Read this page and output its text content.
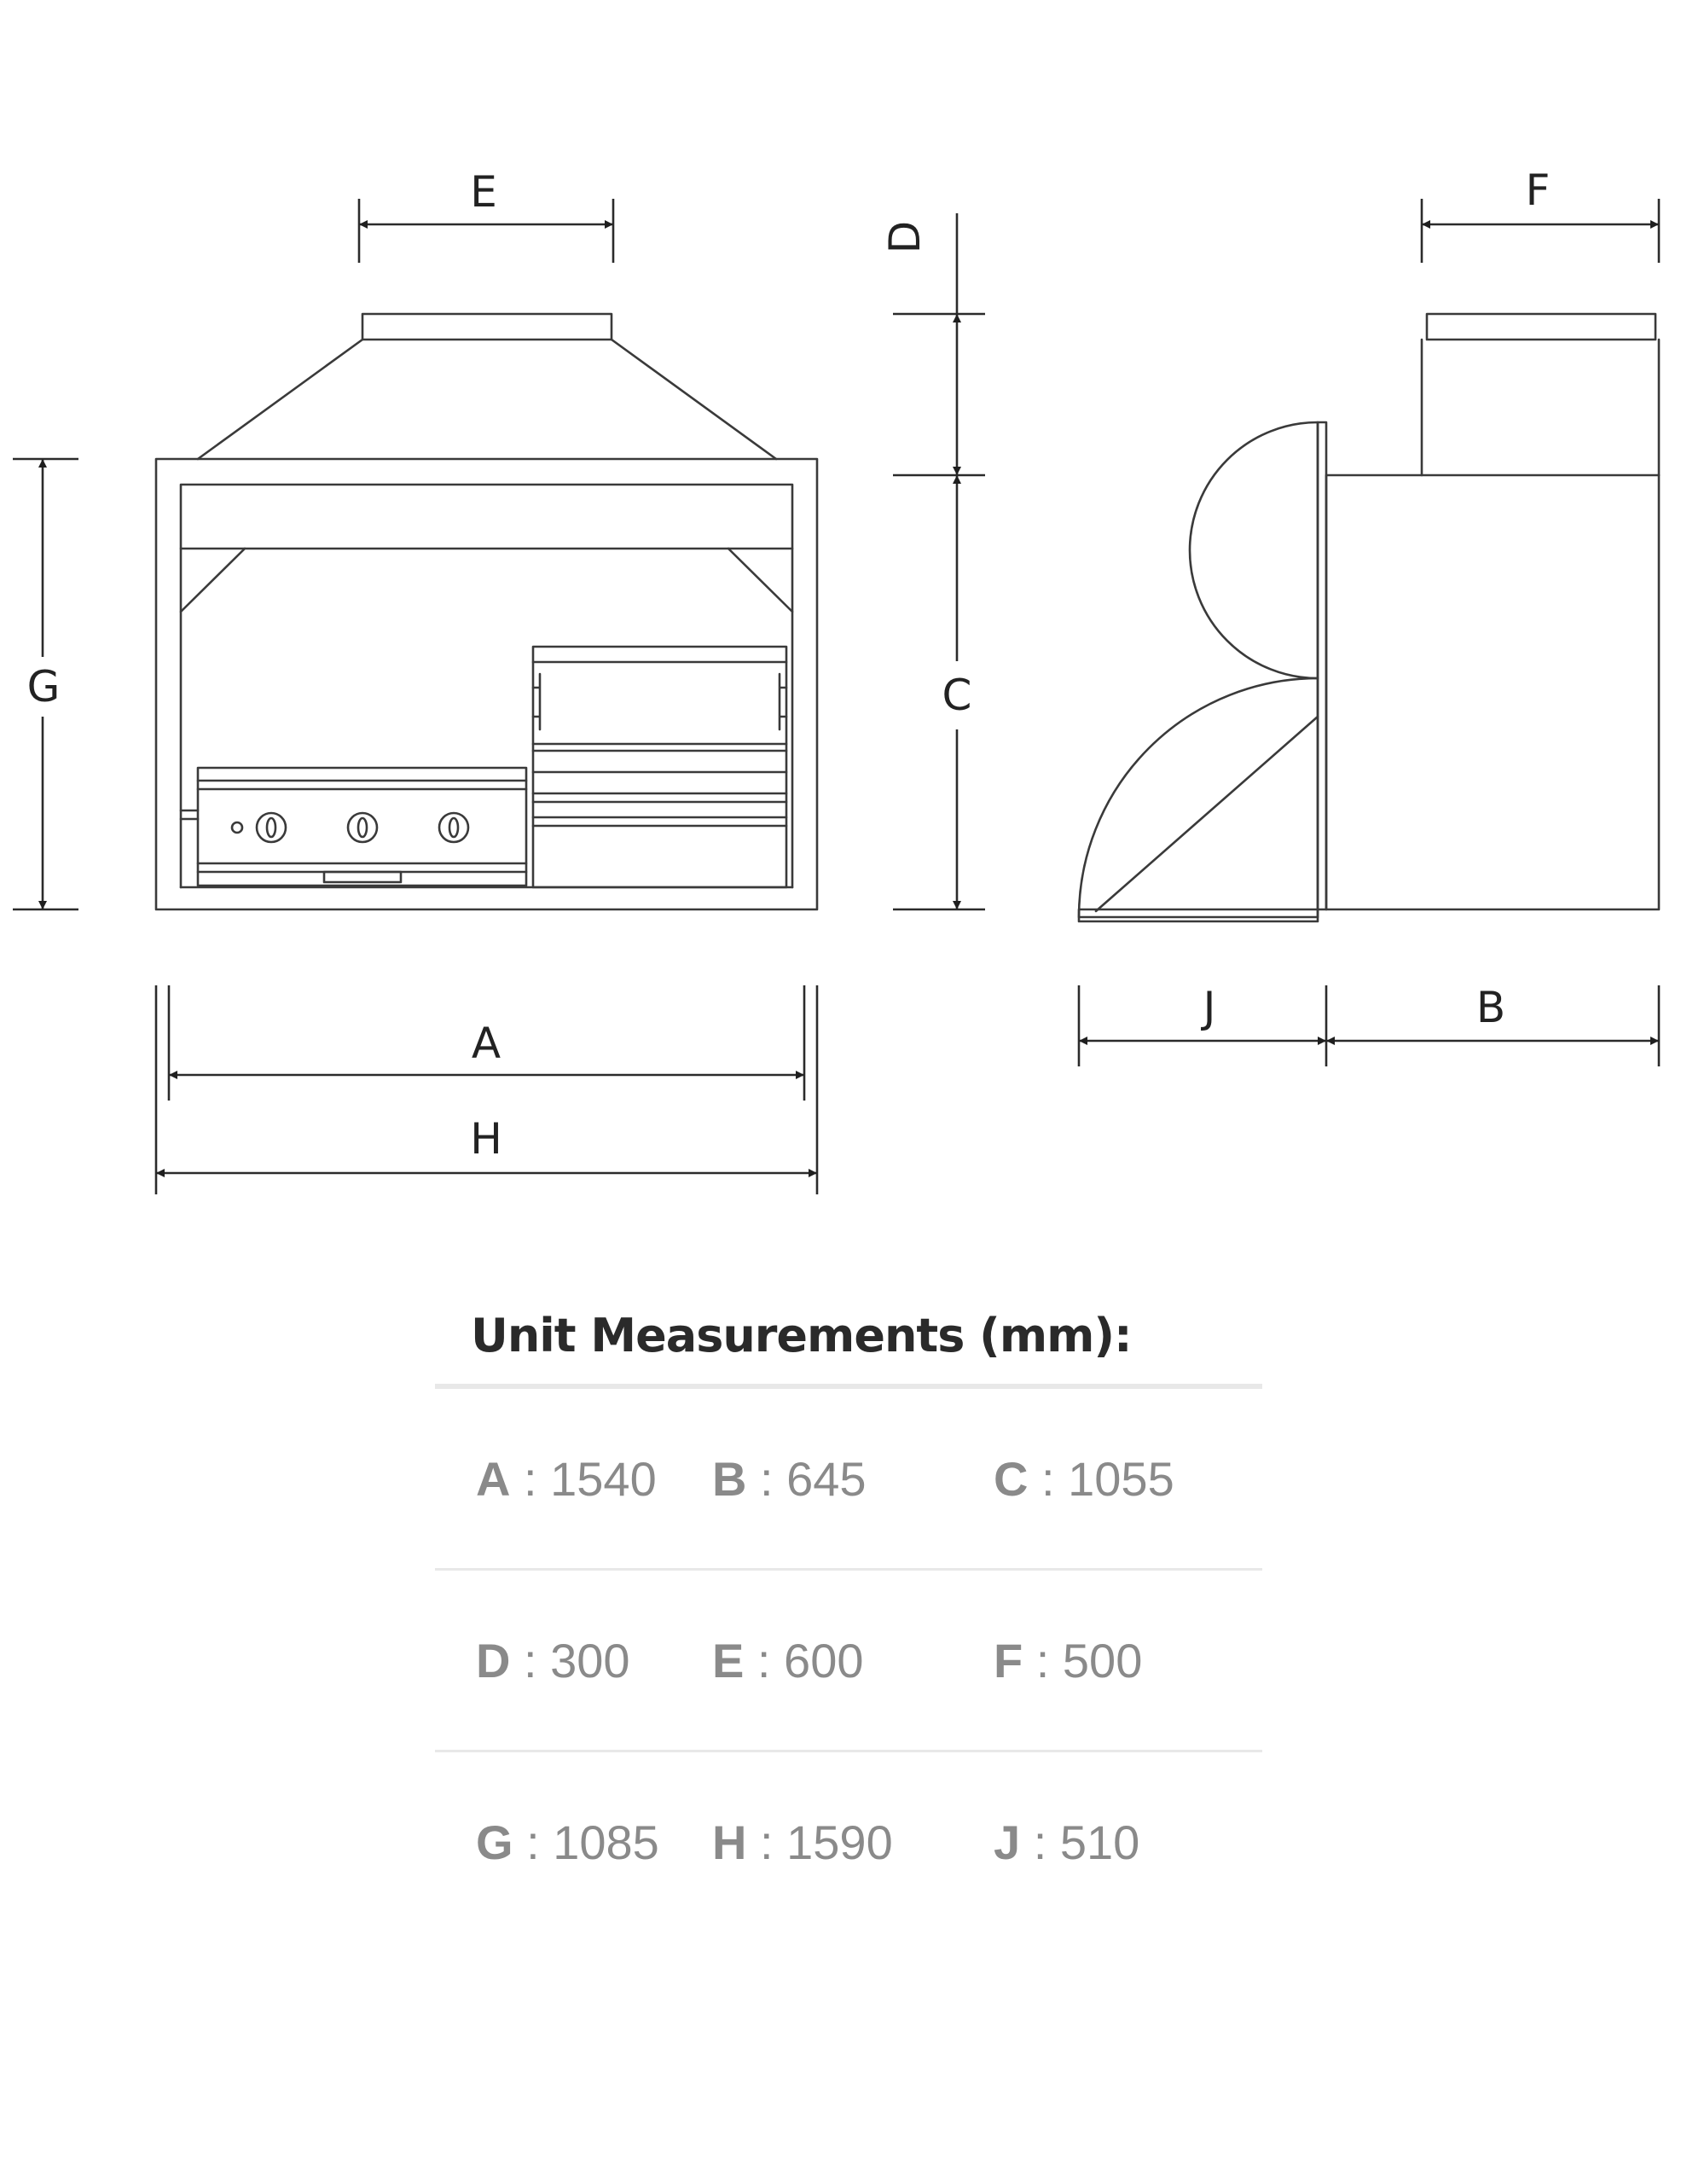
E
G
A
H
D
C
F
J	B
Unit Measurements (mm):
A : 1540	B : 645	C : 1055
D : 300	E : 600	F : 500
G : 1085	H : 1590	J : 510
